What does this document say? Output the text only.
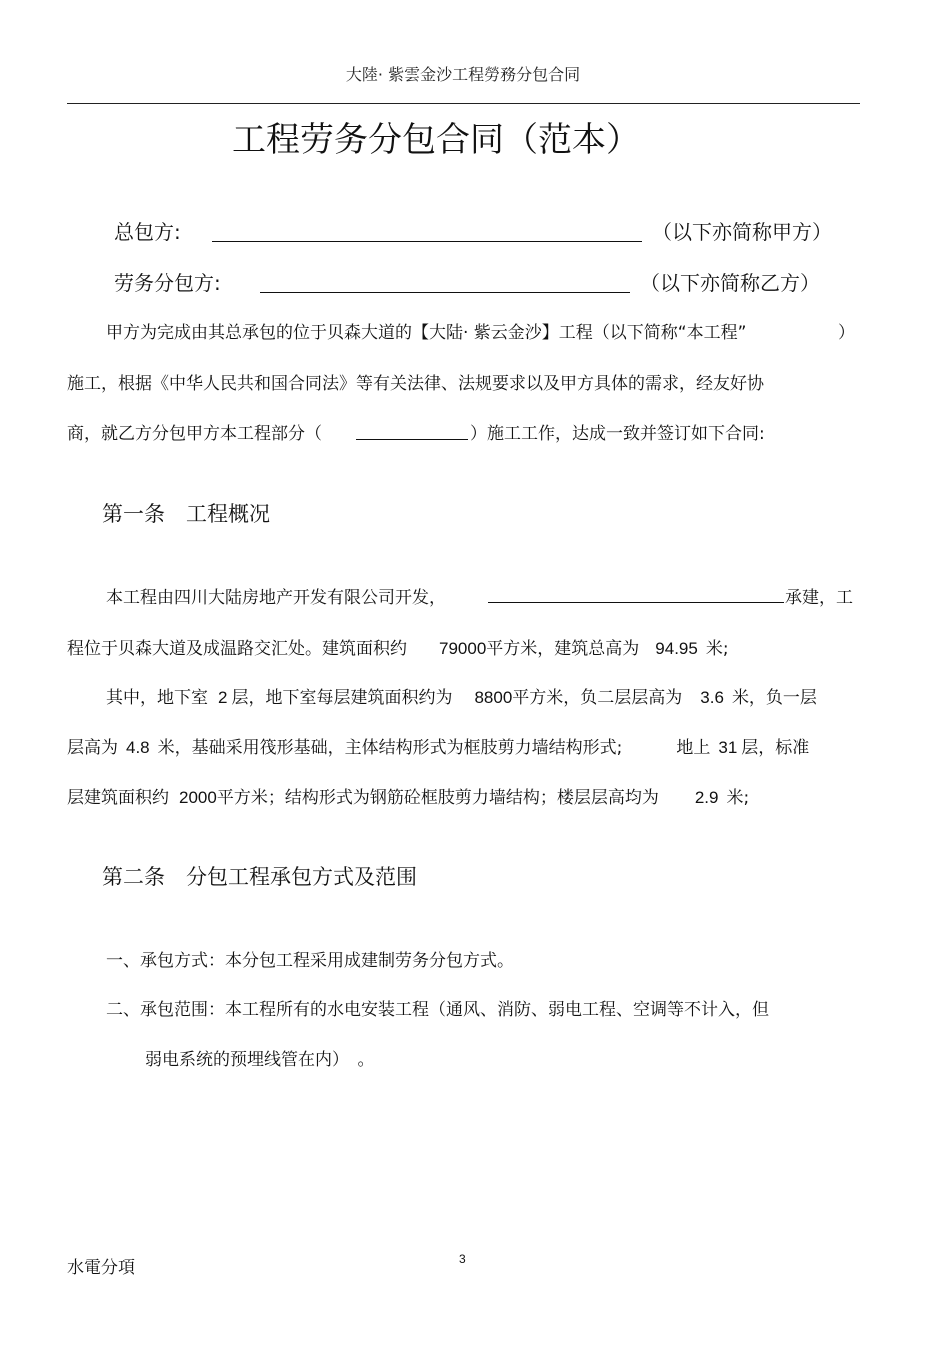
大陸· 紫雲金沙工程勞務分包合同
工程劳务分包合同（范本）
总包方:	（以下亦简称甲方）
劳务分包方:	（以下亦简称乙方）
甲方为完成由其总承包的位于贝森大道的【大陆· 紫云金沙】工程（以下简称“本工程”	）
施工，根据《中华人民共和国合同法》等有关法律、法规要求以及甲方具体的需求，经友好协
商，就乙方分包甲方本工程部分（	）施工工作，达成一致并签订如下合同:
第一条　工程概况
本工程由四川大陆房地产开发有限公司开发，	承建，工
程位于贝森大道及成温路交汇处。建筑面积约 79000平方米，建筑总高为 94.95 米;
其中，地下室 2 层，地下室每层建筑面积约为 8800平方米，负二层层高为 3.6 米，负一层
层高为 4.8 米，基础采用筏形基础，主体结构形式为框肢剪力墙结构形式;	地上 31 层，标准
层建筑面积约 2000平方米；结构形式为钢筋砼框肢剪力墙结构；楼层层高均为 2.9 米;
第二条　分包工程承包方式及范围
一、承包方式：本分包工程采用成建制劳务分包方式。
二、承包范围：本工程所有的水电安装工程（通风、消防、弱电工程、空调等不计入，但
弱电系统的预埋线管在内）　。
水電分項	3
